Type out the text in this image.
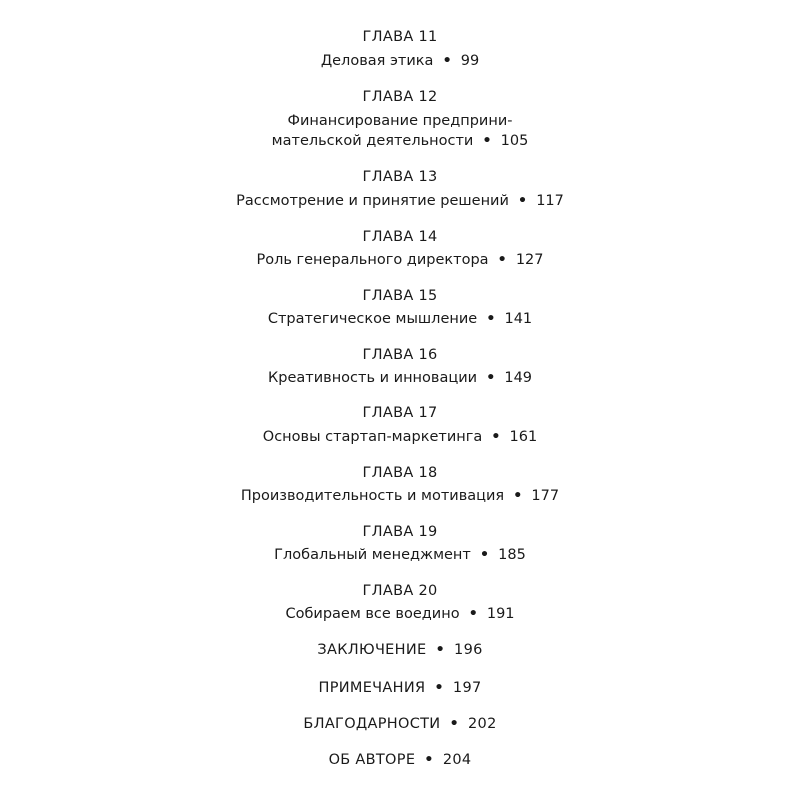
ГЛАВА 11
Деловая этика • 99
ГЛАВА 12
Финансирование предприни-
мательской деятельности • 105
ГЛАВА 13
Рассмотрение и принятие решений • 117
ГЛАВА 14
Роль генерального директора • 127
ГЛАВА 15
Стратегическое мышление • 141
ГЛАВА 16
Креативность и инновации • 149
ГЛАВА 17
Основы стартап-маркетинга • 161
ГЛАВА 18
Производительность и мотивация • 177
ГЛАВА 19
Глобальный менеджмент • 185
ГЛАВА 20
Собираем все воедино • 191
ЗАКЛЮЧЕНИЕ • 196
ПРИМЕЧАНИЯ • 197
БЛАГОДАРНОСТИ • 202
ОБ АВТОРЕ • 204
